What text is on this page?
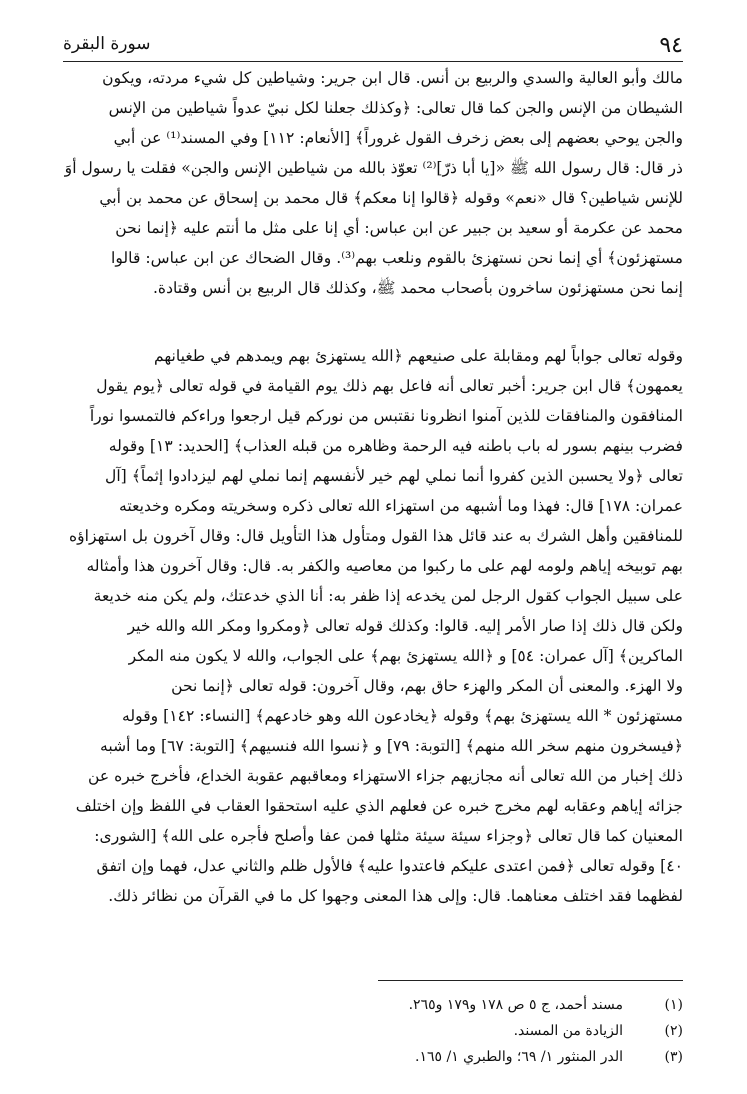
٩٤
سورة البقرة
مالك وأبو العالية والسدي والربيع بن أنس. قال ابن جرير: وشياطين كل شيء مردته، ويكون
الشيطان من الإنس والجن كما قال تعالى: ﴿وكذلك جعلنا لكل نبيّ عدواً شياطين من الإنس
والجن يوحي بعضهم إلى بعض زخرف القول غروراً﴾ [الأنعام: ١١٢] وفي المسند⁽¹⁾ عن أبي
ذر قال: قال رسول الله ﷺ «[يا أبا ذرّ]⁽²⁾ تعوّذ بالله من شياطين الإنس والجن» فقلت يا رسول أوَ
للإنس شياطين؟ قال «نعم» وقوله ﴿قالوا إنا معكم﴾ قال محمد بن إسحاق عن محمد بن أبي
محمد عن عكرمة أو سعيد بن جبير عن ابن عباس: أي إنا على مثل ما أنتم عليه ﴿إنما نحن
مستهزئون﴾ أي إنما نحن نستهزئ بالقوم ونلعب بهم⁽³⁾. وقال الضحاك عن ابن عباس: قالوا
إنما نحن مستهزئون ساخرون بأصحاب محمد ﷺ، وكذلك قال الربيع بن أنس وقتادة.
وقوله تعالى جواباً لهم ومقابلة على صنيعهم ﴿الله يستهزئ بهم ويمدهم في طغيانهم
يعمهون﴾ قال ابن جرير: أخبر تعالى أنه فاعل بهم ذلك يوم القيامة في قوله تعالى ﴿يوم يقول
المنافقون والمنافقات للذين آمنوا انظرونا نقتبس من نوركم قيل ارجعوا وراءكم فالتمسوا نوراً
فضرب بينهم بسور له باب باطنه فيه الرحمة وظاهره من قبله العذاب﴾ [الحديد: ١٣] وقوله
تعالى ﴿ولا يحسبن الذين كفروا أنما نملي لهم خير لأنفسهم إنما نملي لهم ليزدادوا إثماً﴾ [آل
عمران: ١٧٨] قال: فهذا وما أشبهه من استهزاء الله تعالى ذكره وسخريته ومكره وخديعته
للمنافقين وأهل الشرك به عند قائل هذا القول ومتأول هذا التأويل قال: وقال آخرون بل استهزاؤه
بهم توبيخه إياهم ولومه لهم على ما ركبوا من معاصيه والكفر به. قال: وقال آخرون هذا وأمثاله
على سبيل الجواب كقول الرجل لمن يخدعه إذا ظفر به: أنا الذي خدعتك، ولم يكن منه خديعة
ولكن قال ذلك إذا صار الأمر إليه. قالوا: وكذلك قوله تعالى ﴿ومكروا ومكر الله والله خير
الماكرين﴾ [آل عمران: ٥٤] و ﴿الله يستهزئ بهم﴾ على الجواب، والله لا يكون منه المكر
ولا الهزء. والمعنى أن المكر والهزء حاق بهم، وقال آخرون: قوله تعالى ﴿إنما نحن
مستهزئون * الله يستهزئ بهم﴾ وقوله ﴿يخادعون الله وهو خادعهم﴾ [النساء: ١٤٢] وقوله
﴿فيسخرون منهم سخر الله منهم﴾ [التوبة: ٧٩] و ﴿نسوا الله فنسيهم﴾ [التوبة: ٦٧] وما أشبه
ذلك إخبار من الله تعالى أنه مجازيهم جزاء الاستهزاء ومعاقبهم عقوبة الخداع، فأخرج خبره عن
جزائه إياهم وعقابه لهم مخرج خبره عن فعلهم الذي عليه استحقوا العقاب في اللفظ وإن اختلف
المعنيان كما قال تعالى ﴿وجزاء سيئة سيئة مثلها فمن عفا وأصلح فأجره على الله﴾ [الشورى:
٤٠] وقوله تعالى ﴿فمن اعتدى عليكم فاعتدوا عليه﴾ فالأول ظلم والثاني عدل، فهما وإن اتفق
لفظهما فقد اختلف معناهما. قال: وإلى هذا المعنى وجهوا كل ما في القرآن من نظائر ذلك.
(١)
مسند أحمد، ج ٥ ص ١٧٨ و١٧٩ و٢٦٥.
(٢)
الزيادة من المسند.
(٣)
الدر المنثور ١/ ٦٩؛ والطبري ١/ ١٦٥.
